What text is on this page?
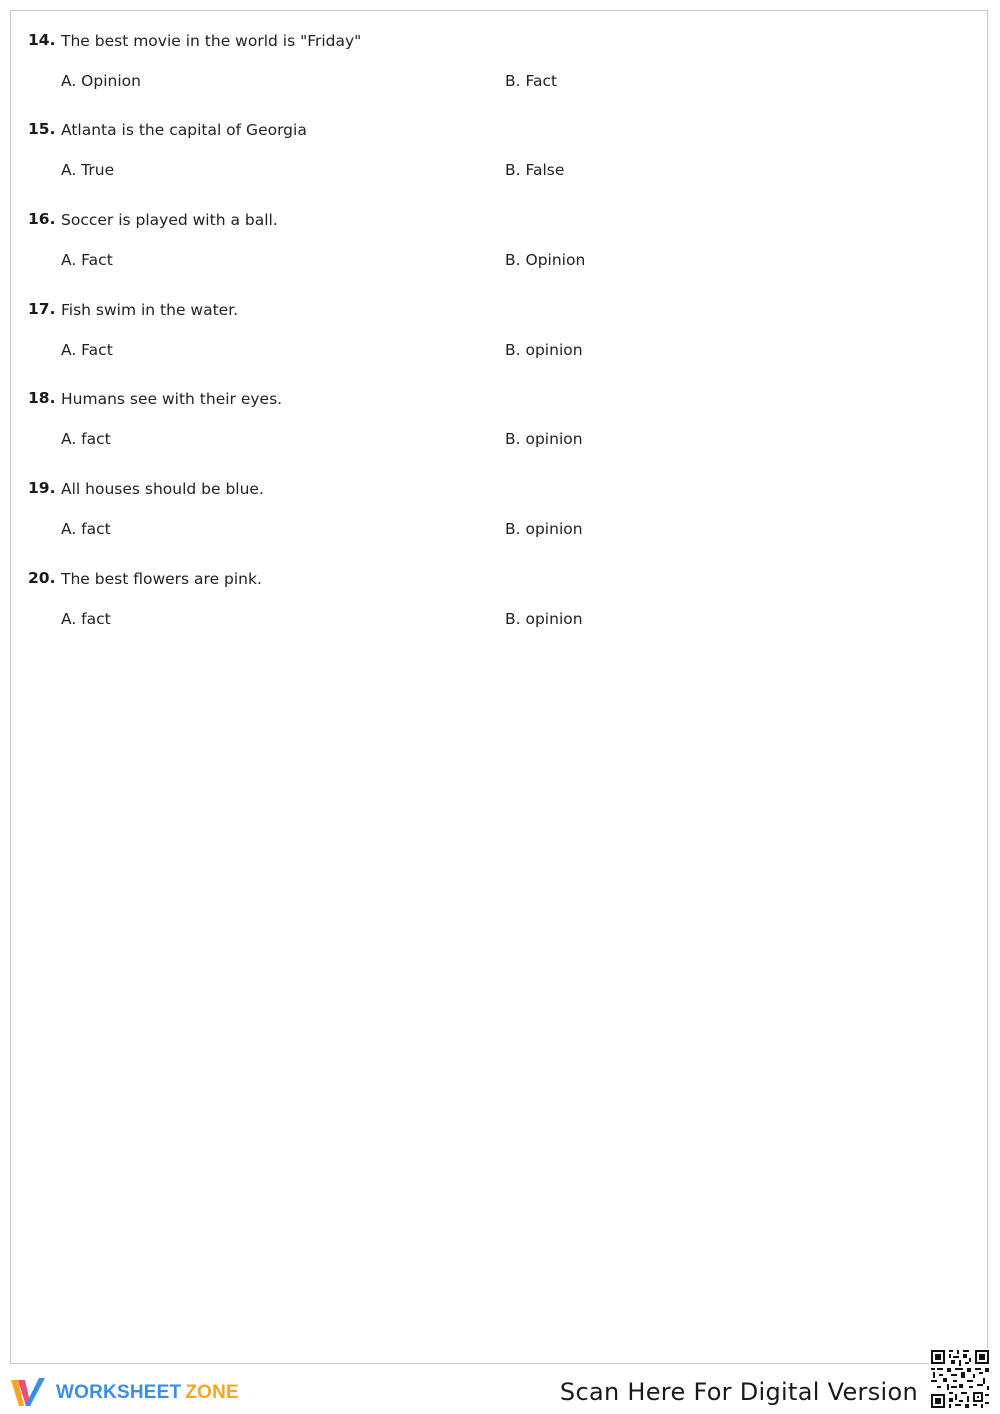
14. The best movie in the world is "Friday"
A. Opinion	B. Fact
15. Atlanta is the capital of Georgia
A. True	B. False
16. Soccer is played with a ball.
A. Fact	B. Opinion
17. Fish swim in the water.
A. Fact	B. opinion
18. Humans see with their eyes.
A. fact	B. opinion
19. All houses should be blue.
A. fact	B. opinion
20. The best flowers are pink.
A. fact	B. opinion
WORKSHEET ZONE	Scan Here For Digital Version
